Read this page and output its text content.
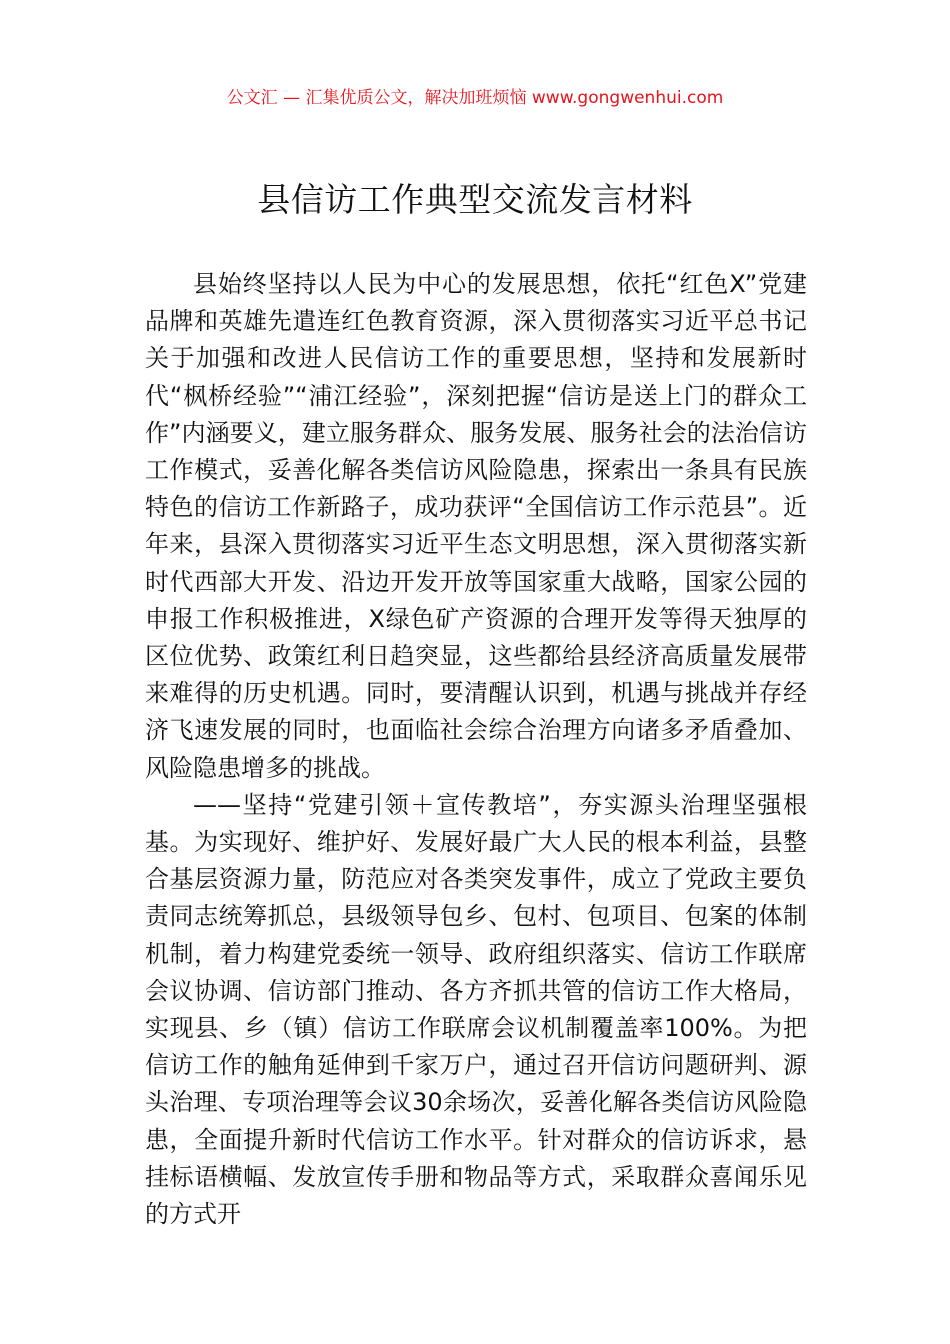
公文汇 — 汇集优质公文，解决加班烦恼 www.gongwenhui.com
县信访工作典型交流发言材料

县始终坚持以人民为中心的发展思想，依托“红色X”党建品牌和英雄先遣连红色教育资源，深入贯彻落实习近平总书记关于加强和改进人民信访工作的重要思想，坚持和发展新时代“枫桥经验”“浦江经验”，深刻把握“信访是送上门的群众工作”内涵要义，建立服务群众、服务发展、服务社会的法治信访工作模式，妥善化解各类信访风险隐患，探索出一条具有民族特色的信访工作新路子，成功获评“全国信访工作示范县”。近年来，县深入贯彻落实习近平生态文明思想，深入贯彻落实新时代西部大开发、沿边开发开放等国家重大战略，国家公园的申报工作积极推进，X绿色矿产资源的合理开发等得天独厚的区位优势、政策红利日趋突显，这些都给县经济高质量发展带来难得的历史机遇。同时，要清醒认识到，机遇与挑战并存经济飞速发展的同时，也面临社会综合治理方向诸多矛盾叠加、风险隐患增多的挑战。

——坚持“党建引领＋宣传教培”，夯实源头治理坚强根基。为实现好、维护好、发展好最广大人民的根本利益，县整合基层资源力量，防范应对各类突发事件，成立了党政主要负责同志统筹抓总，县级领导包乡、包村、包项目、包案的体制机制，着力构建党委统一领导、政府组织落实、信访工作联席会议协调、信访部门推动、各方齐抓共管的信访工作大格局，实现县、乡（镇）信访工作联席会议机制覆盖率100%。为把信访工作的触角延伸到千家万户，通过召开信访问题研判、源头治理、专项治理等会议30余场次，妥善化解各类信访风险隐患，全面提升新时代信访工作水平。针对群众的信访诉求，悬挂标语横幅、发放宣传手册和物品等方式，采取群众喜闻乐见的方式开
